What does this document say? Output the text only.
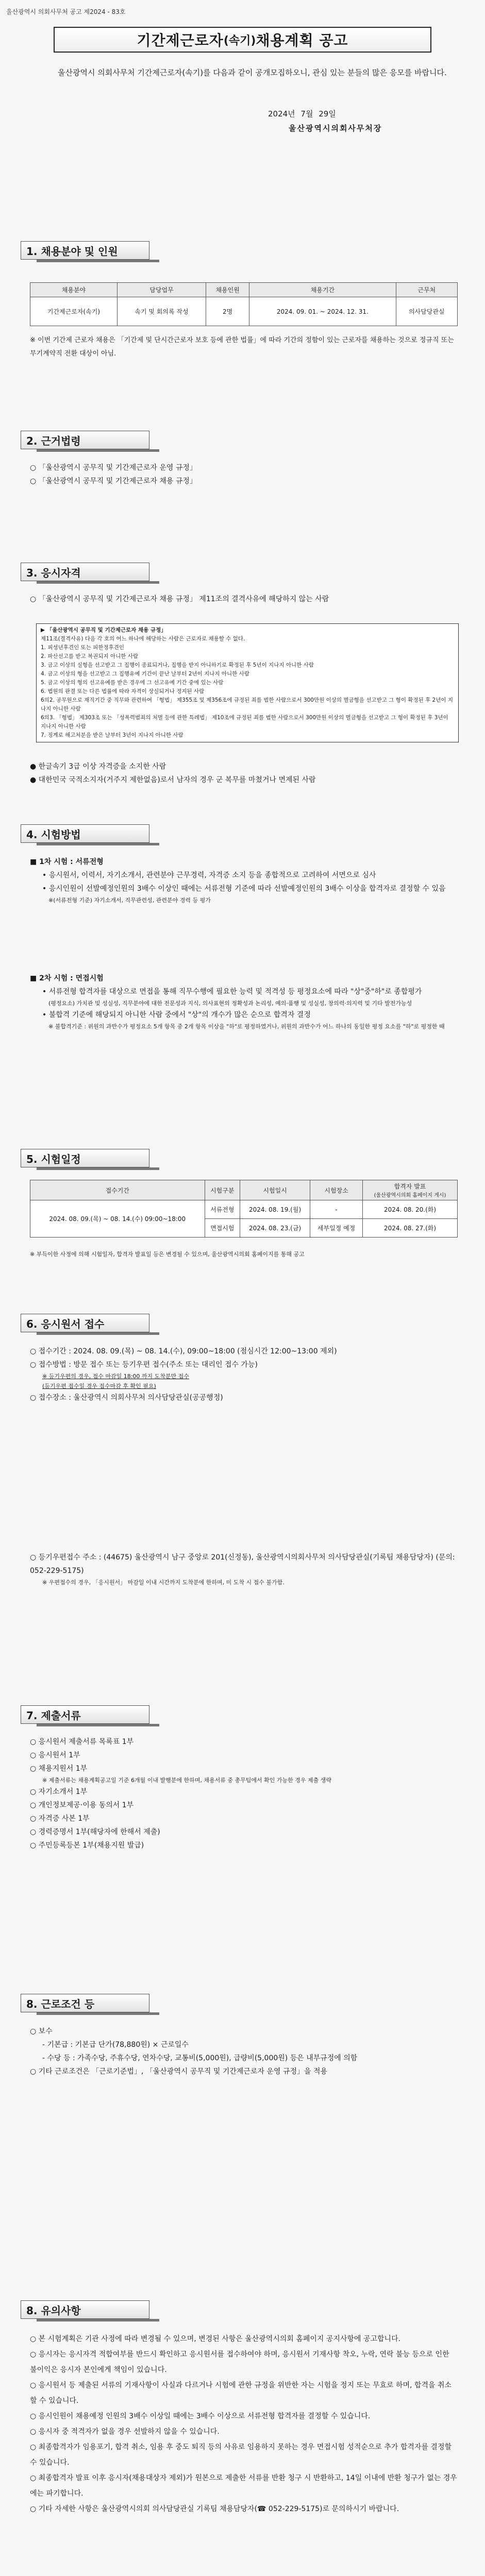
울산광역시 의회사무처 공고 제2024 - 83호
기간제근로자 (속기) 채용계획 공고
울산광역시 의회사무처 기간제근로자(속기)를 다음과 같이 공개모집하오니, 관심 있는 분들의 많은 응모를 바랍니다.
2024년 7월 29일
울산광역시의회사무처장
1. 채용분야 및 인원
채용분야	담당업무	채용인원	채용기간	근무처
기간제근로자(속기)	속기 및 회의록 작성	2명	2024. 09. 01. ~ 2024. 12. 31.	의사담당관실
※ 이번 기간제 근로자 채용은 「기간제 및 단시간근로자 보호 등에 관한 법률」에 따라 기간의 정함이 있는 근로자를 채용하는 것으로 정규직 또는 무기계약직 전환 대상이 아님.
2. 근거법령
○ 「울산광역시 공무직 및 기간제근로자 운영 규정」
○ 「울산광역시 공무직 및 기간제근로자 채용 규정」
3. 응시자격
○ 「울산광역시 공무직 및 기간제근로자 채용 규정」 제11조의 결격사유에 해당하지 않는 사람
▶ 「울산광역시 공무직 및 기간제근로자 채용 규정」
제11조(결격사유) 다음 각 호의 어느 하나에 해당하는 사람은 근로자로 채용할 수 없다.
1. 피성년후견인 또는 피한정후견인
2. 파산선고를 받고 복권되지 아니한 사람
3. 금고 이상의 실형을 선고받고 그 집행이 종료되거나, 집행을 받지 아니하기로 확정된 후 5년이 지나지 아니한 사람
4. 금고 이상의 형을 선고받고 그 집행유예 기간이 끝난 날부터 2년이 지나지 아니한 사람
5. 금고 이상의 형의 선고유예를 받은 경우에 그 선고유예 기간 중에 있는 사람
6. 법원의 판결 또는 다른 법률에 따라 자격이 상실되거나 정지된 사람
6의2. 공무원으로 재직기간 중 직무와 관련하여 「형법」 제355조 및 제356조에 규정된 죄를 범한 사람으로서 300만원 이상의 벌금형을 선고받고 그 형이 확정된 후 2년이 지나지 아니한 사람
6의3. 「형법」 제303조 또는 「성폭력범죄의 처벌 등에 관한 특례법」 제10조에 규정된 죄를 범한 사람으로서 300만원 이상의 벌금형을 선고받고 그 형이 확정된 후 3년이 지나지 아니한 사람
7. 징계로 해고처분을 받은 날부터 3년이 지나지 아니한 사람
● 한글속기 3급 이상 자격증을 소지한 사람
● 대한민국 국적소지자(거주지 제한없음)로서 남자의 경우 군 복무를 마쳤거나 면제된 사람
4. 시험방법
■ 1차 시험 : 서류전형
• 응시원서, 이력서, 자기소개서, 관련분야 근무경력, 자격증 소지 등을 종합적으로 고려하여 서면으로 심사
• 응시인원이 선발예정인원의 3배수 이상인 때에는 서류전형 기준에 따라 선발예정인원의 3배수 이상을 합격자로 결정할 수 있음
※(서류전형 기준) 자기소개서, 직무관련성, 관련분야 경력 등 평가
■ 2차 시험 : 면접시험
• 서류전형 합격자를 대상으로 면접을 통해 직무수행에 필요한 능력 및 적격성 등 평정요소에 따라 "상"중"하"로 종합평가
(평정요소) 가치관 및 성실성, 직무분야에 대한 전문성과 지식, 의사표현의 정확성과 논리성, 예의·품행 및 성실성, 창의력·의지력 및 기타 발전가능성
• 불합격 기준에 해당되지 아니한 사람 중에서 "상"의 개수가 많은 순으로 합격자 결정
※ 불합격기준 : 위원의 과반수가 평정요소 5개 항목 중 2개 항목 이상을 "하"로 평정하였거나, 위원의 과반수가 어느 하나의 동일한 평정 요소를 "하"로 평정한 때
5. 시험일정
접수기간	시험구분	시험일시	시험장소	합격자 발표
(울산광역시의회 홈페이지 게시)
2024. 08. 09.(목) ~ 08. 14.(수) 09:00~18:00	서류전형	2024. 08. 19.(월)	-	2024. 08. 20.(화)
	면접시험	2024. 08. 23.(금)	세부일정 예정	2024. 08. 27.(화)
※ 부득이한 사정에 의해 시험일자, 합격자 발표일 등은 변경될 수 있으며, 울산광역시의회 홈페이지를 통해 공고
6. 응시원서 접수
○ 접수기간 : 2024. 08. 09.(목) ~ 08. 14.(수), 09:00~18:00 (점심시간 12:00~13:00 제외)
○ 접수방법 : 방문 접수 또는 등기우편 접수(주소 또는 대리인 접수 가능)
※ 등기우편의 경우, 접수 마감일 18:00 까지 도착분만 접수
(등기우편 접수일 경우 접수마감 후 확인 필요)
○ 접수장소 : 울산광역시 의회사무처 의사담당관실(공공행정)
○ 등기우편접수 주소 : (44675) 울산광역시 남구 중앙로 201(신정동), 울산광역시의회사무처 의사담당관실(기록팀 채용담당자) (문의: 052-229-5175)
※ 우편접수의 경우, 「응시원서」 마감일 이내 시간까지 도착분에 한하며, 미 도착 시 접수 불가함.
7. 제출서류
○ 응시원서 제출서류 목록표 1부
○ 응시원서 1부
○ 채용지원서 1부
※ 제출서류는 채용계획공고일 기준 6개월 이내 발행분에 한하며, 채용서류 중 총무팀에서 확인 가능한 경우 제출 생략
○ 자기소개서 1부
○ 개인정보제공·이용 동의서 1부
○ 자격증 사본 1부
○ 경력증명서 1부(해당자에 한해서 제출)
○ 주민등록등본 1부(채용지원 발급)
8. 근로조건 등
○ 보수
- 기본급 : 기본급 단가(78,880원) × 근로일수
- 수당 등 : 가족수당, 주휴수당, 연차수당, 교통비(5,000원), 급량비(5,000원) 등은 내부규정에 의함
○ 기타 근로조건은 「근로기준법」, 「울산광역시 공무직 및 기간제근로자 운영 규정」을 적용
8. 유의사항
○ 본 시험계획은 기관 사정에 따라 변경될 수 있으며, 변경된 사항은 울산광역시의회 홈페이지 공지사항에 공고합니다.
○ 응시자는 응시자격 적합여부를 반드시 확인하고 응시원서를 접수하여야 하며, 응시원서 기재사항 착오, 누락, 연락 불능 등으로 인한 불이익은 응시자 본인에게 책임이 있습니다.
○ 응시원서 등 제출된 서류의 기재사항이 사실과 다르거나 시험에 관한 규정을 위반한 자는 시험을 정지 또는 무효로 하며, 합격을 취소할 수 있습니다.
○ 응시인원이 채용예정 인원의 3배수 이상일 때에는 3배수 이상으로 서류전형 합격자를 결정할 수 있습니다.
○ 응시자 중 적격자가 없을 경우 선발하지 않을 수 있습니다.
○ 최종합격자가 임용포기, 합격 취소, 임용 후 중도 퇴직 등의 사유로 임용하지 못하는 경우 면접시험 성적순으로 추가 합격자를 결정할 수 있습니다.
○ 최종합격자 발표 이후 응시자(채용대상자 제외)가 원본으로 제출한 서류를 반환 청구 시 반환하고, 14일 이내에 반환 청구가 없는 경우에는 파기합니다.
○ 기타 자세한 사항은 울산광역시의회 의사담당관실 기록팀 채용담당자(☎ 052-229-5175)로 문의하시기 바랍니다.
